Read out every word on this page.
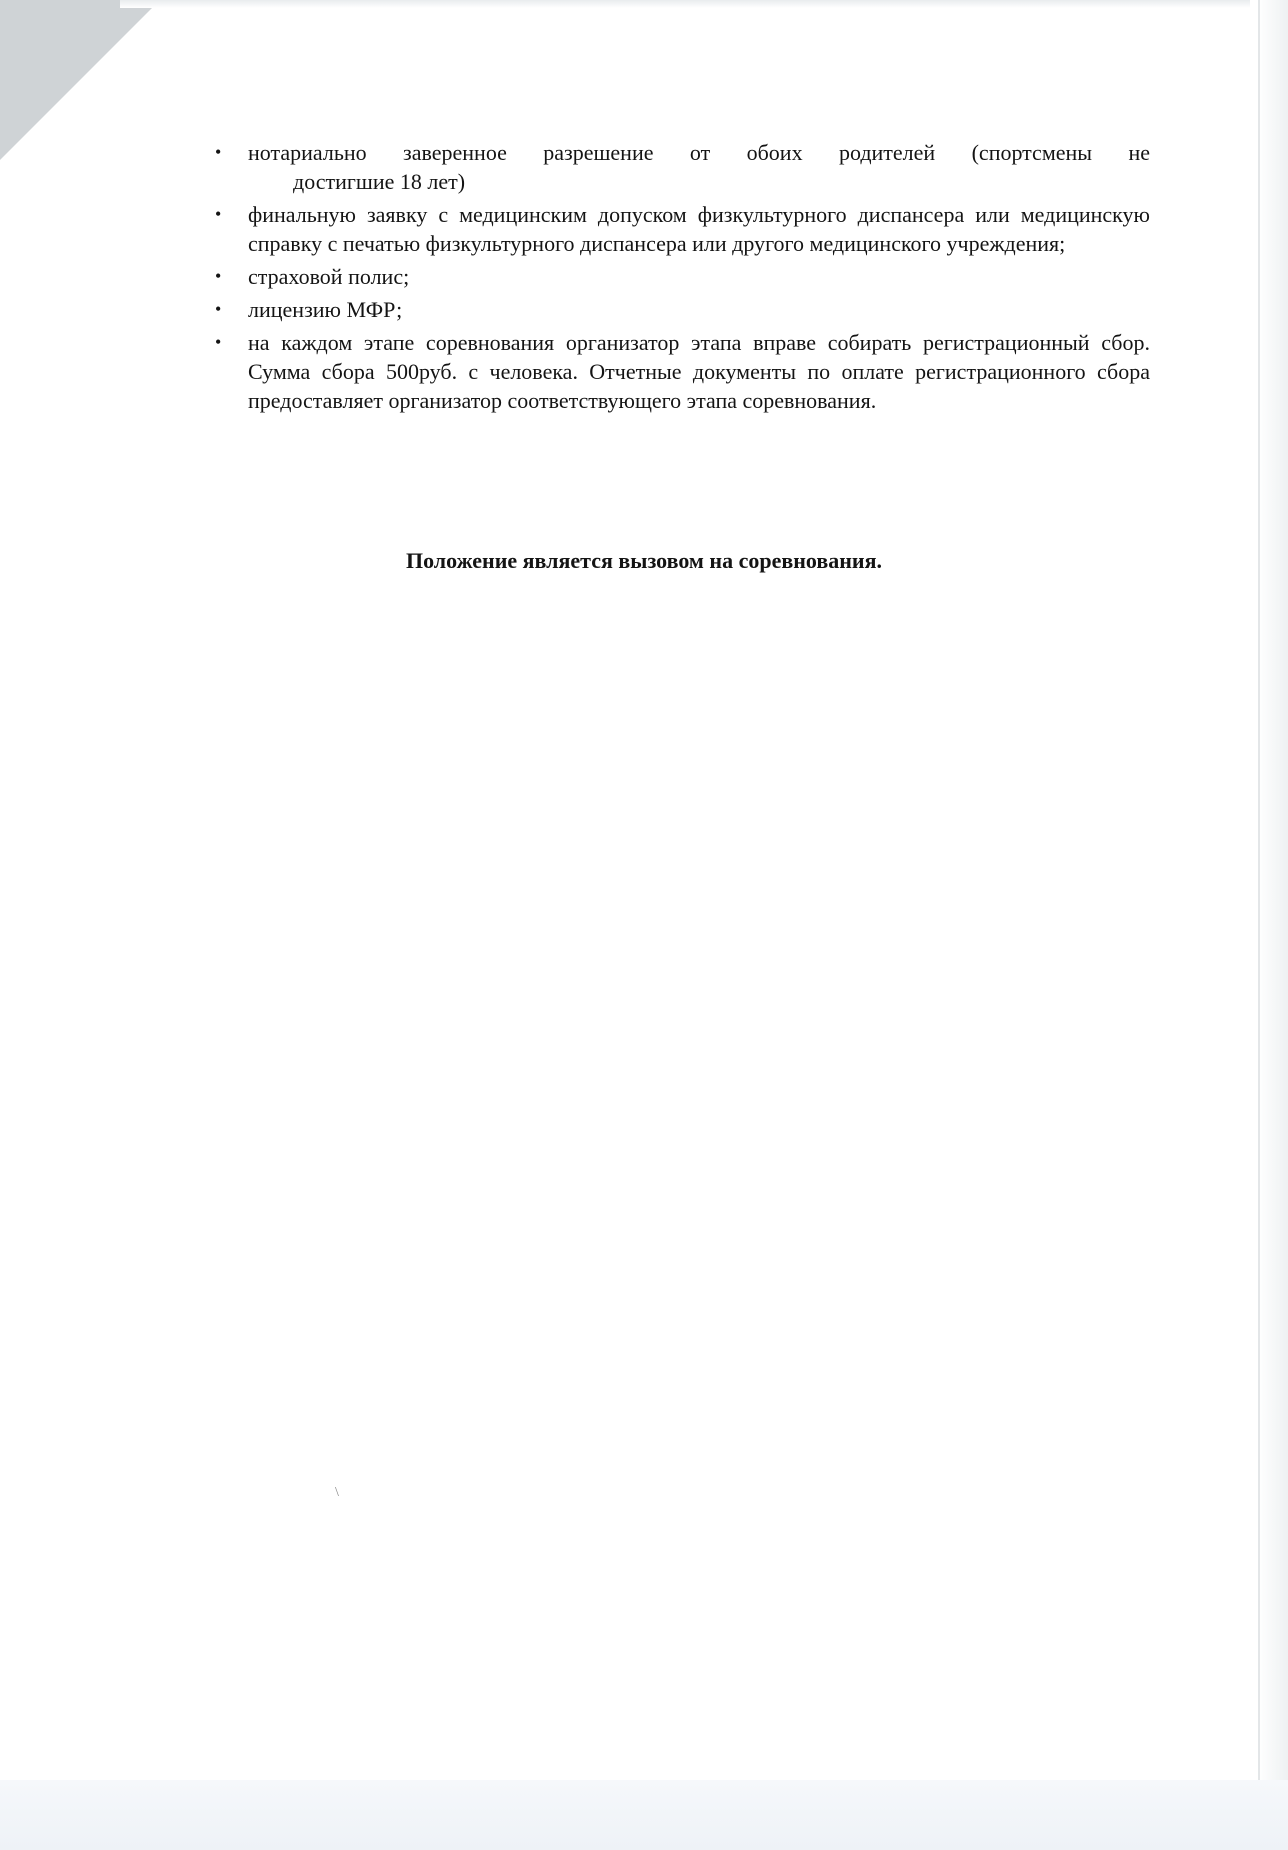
\
• нотариально заверенное разрешение от обоих родителей (спортсмены не
достигшие 18 лет)
• финальную заявку с медицинским допуском физкультурного диспансера или медицинскую справку с печатью физкультурного диспансера или другого медицинского учреждения;
• страховой полис;
• лицензию МФР;
• на каждом этапе соревнования организатор этапа вправе собирать регистрационный сбор. Сумма сбора 500руб. с человека. Отчетные документы по оплате регистрационного сбора предоставляет организатор соответствующего этапа соревнования.
Положение является вызовом на соревнования.
